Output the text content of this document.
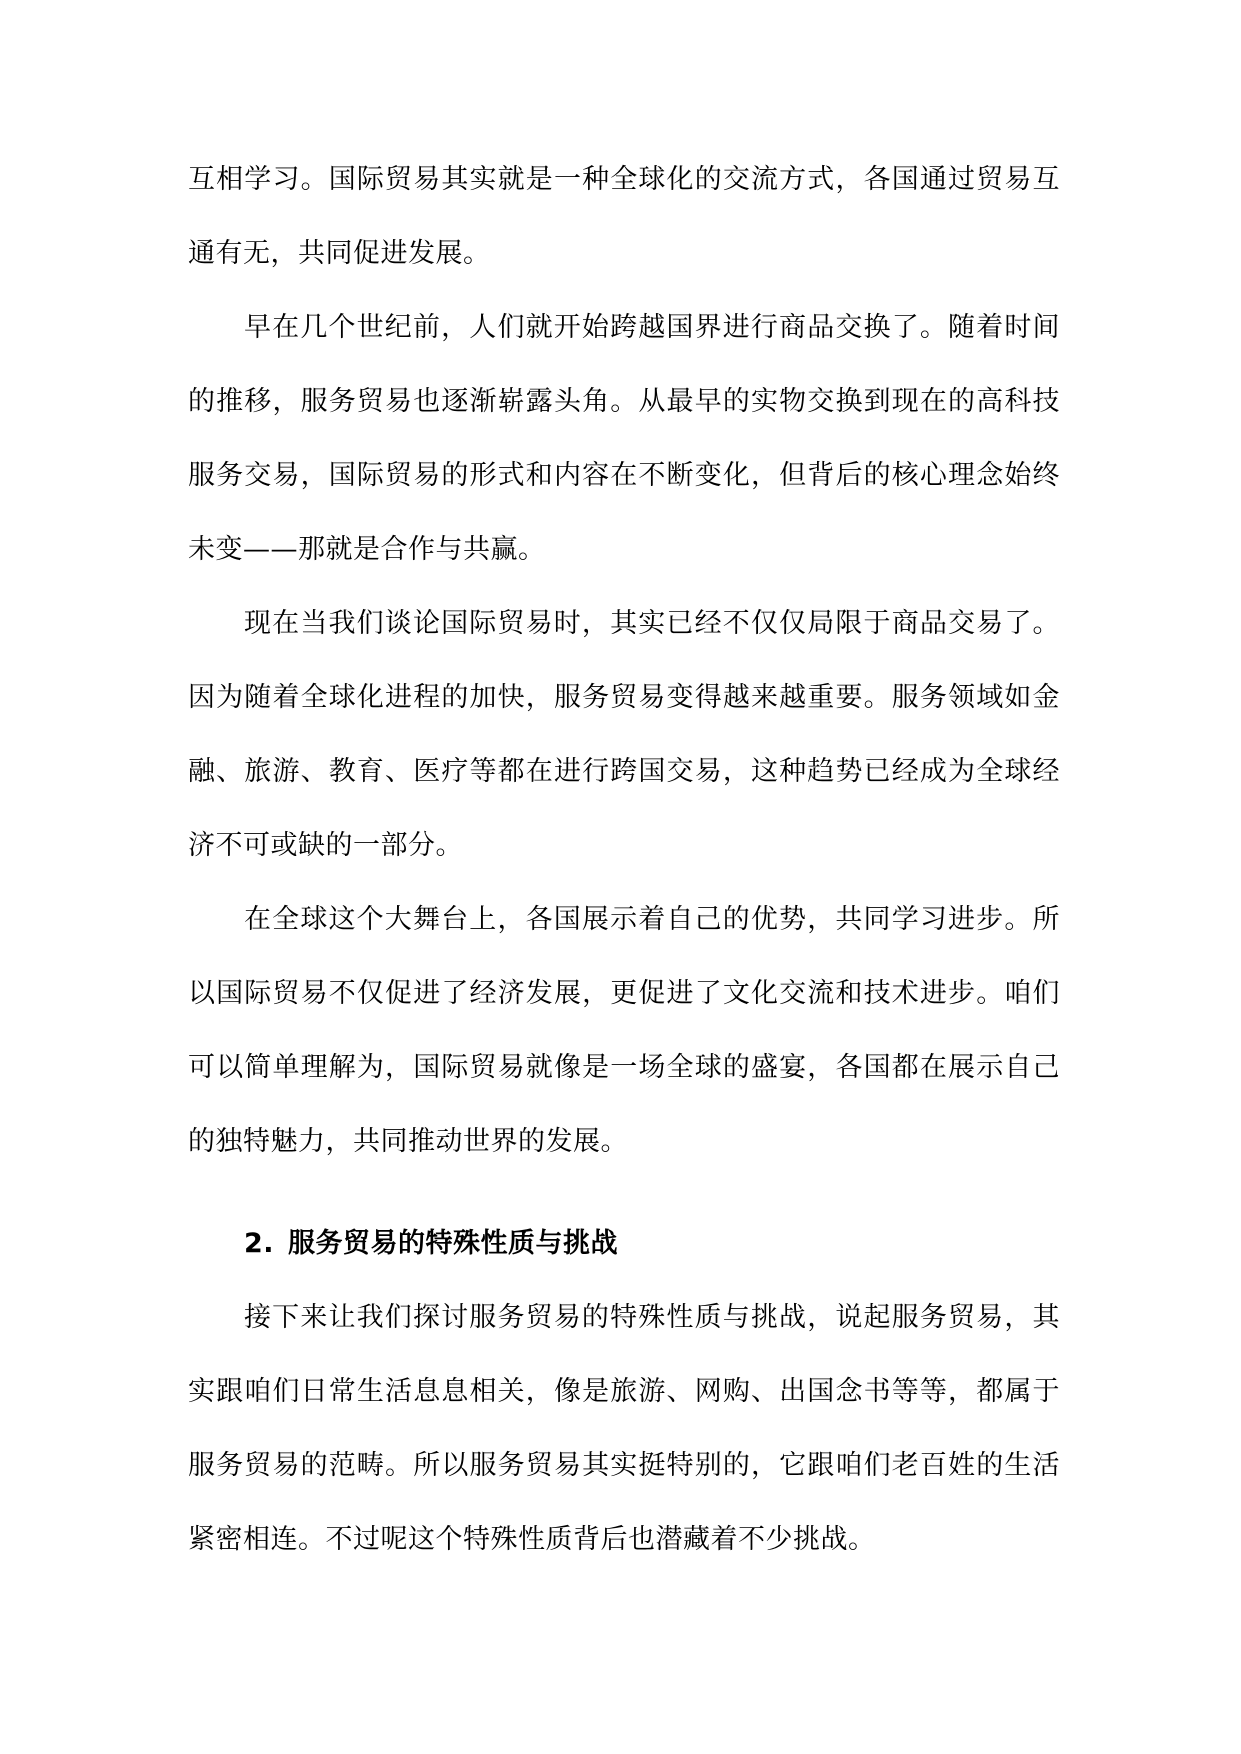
互相学习。国际贸易其实就是一种全球化的交流方式，各国通过贸易互通有无，共同促进发展。

早在几个世纪前，人们就开始跨越国界进行商品交换了。随着时间的推移，服务贸易也逐渐崭露头角。从最早的实物交换到现在的高科技服务交易，国际贸易的形式和内容在不断变化，但背后的核心理念始终未变——那就是合作与共赢。

现在当我们谈论国际贸易时，其实已经不仅仅局限于商品交易了。因为随着全球化进程的加快，服务贸易变得越来越重要。服务领域如金融、旅游、教育、医疗等都在进行跨国交易，这种趋势已经成为全球经济不可或缺的一部分。

在全球这个大舞台上，各国展示着自己的优势，共同学习进步。所以国际贸易不仅促进了经济发展，更促进了文化交流和技术进步。咱们可以简单理解为，国际贸易就像是一场全球的盛宴，各国都在展示自己的独特魅力，共同推动世界的发展。

2. 服务贸易的特殊性质与挑战

接下来让我们探讨服务贸易的特殊性质与挑战，说起服务贸易，其实跟咱们日常生活息息相关，像是旅游、网购、出国念书等等，都属于服务贸易的范畴。所以服务贸易其实挺特别的，它跟咱们老百姓的生活紧密相连。不过呢这个特殊性质背后也潜藏着不少挑战。
